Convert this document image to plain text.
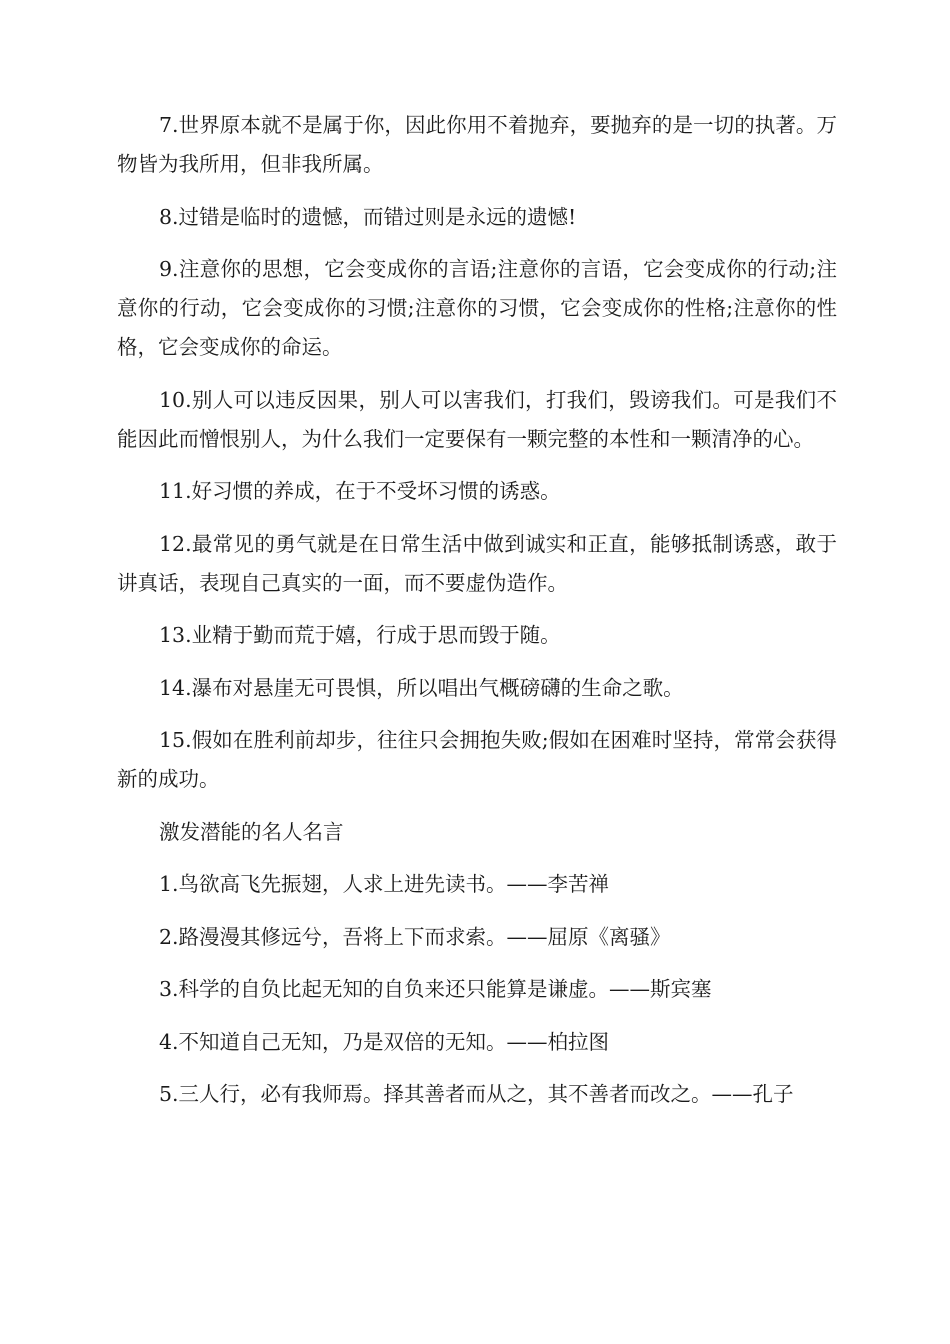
7.世界原本就不是属于你，因此你用不着抛弃，要抛弃的是一切的执著。万物皆为我所用，但非我所属。

8.过错是临时的遗憾，而错过则是永远的遗憾!

9.注意你的思想，它会变成你的言语;注意你的言语，它会变成你的行动;注意你的行动，它会变成你的习惯;注意你的习惯，它会变成你的性格;注意你的性格，它会变成你的命运。

10.别人可以违反因果，别人可以害我们，打我们，毁谤我们。可是我们不能因此而憎恨别人，为什么我们一定要保有一颗完整的本性和一颗清净的心。

11.好习惯的养成，在于不受坏习惯的诱惑。

12.最常见的勇气就是在日常生活中做到诚实和正直，能够抵制诱惑，敢于讲真话，表现自己真实的一面，而不要虚伪造作。

13.业精于勤而荒于嬉，行成于思而毁于随。

14.瀑布对悬崖无可畏惧，所以唱出气概磅礴的生命之歌。

15.假如在胜利前却步，往往只会拥抱失败;假如在困难时坚持，常常会获得新的成功。

激发潜能的名人名言

1.鸟欲高飞先振翅，人求上进先读书。——李苦禅

2.路漫漫其修远兮，吾将上下而求索。——屈原《离骚》

3.科学的自负比起无知的自负来还只能算是谦虚。——斯宾塞

4.不知道自己无知，乃是双倍的无知。——柏拉图

5.三人行，必有我师焉。择其善者而从之，其不善者而改之。——孔子
